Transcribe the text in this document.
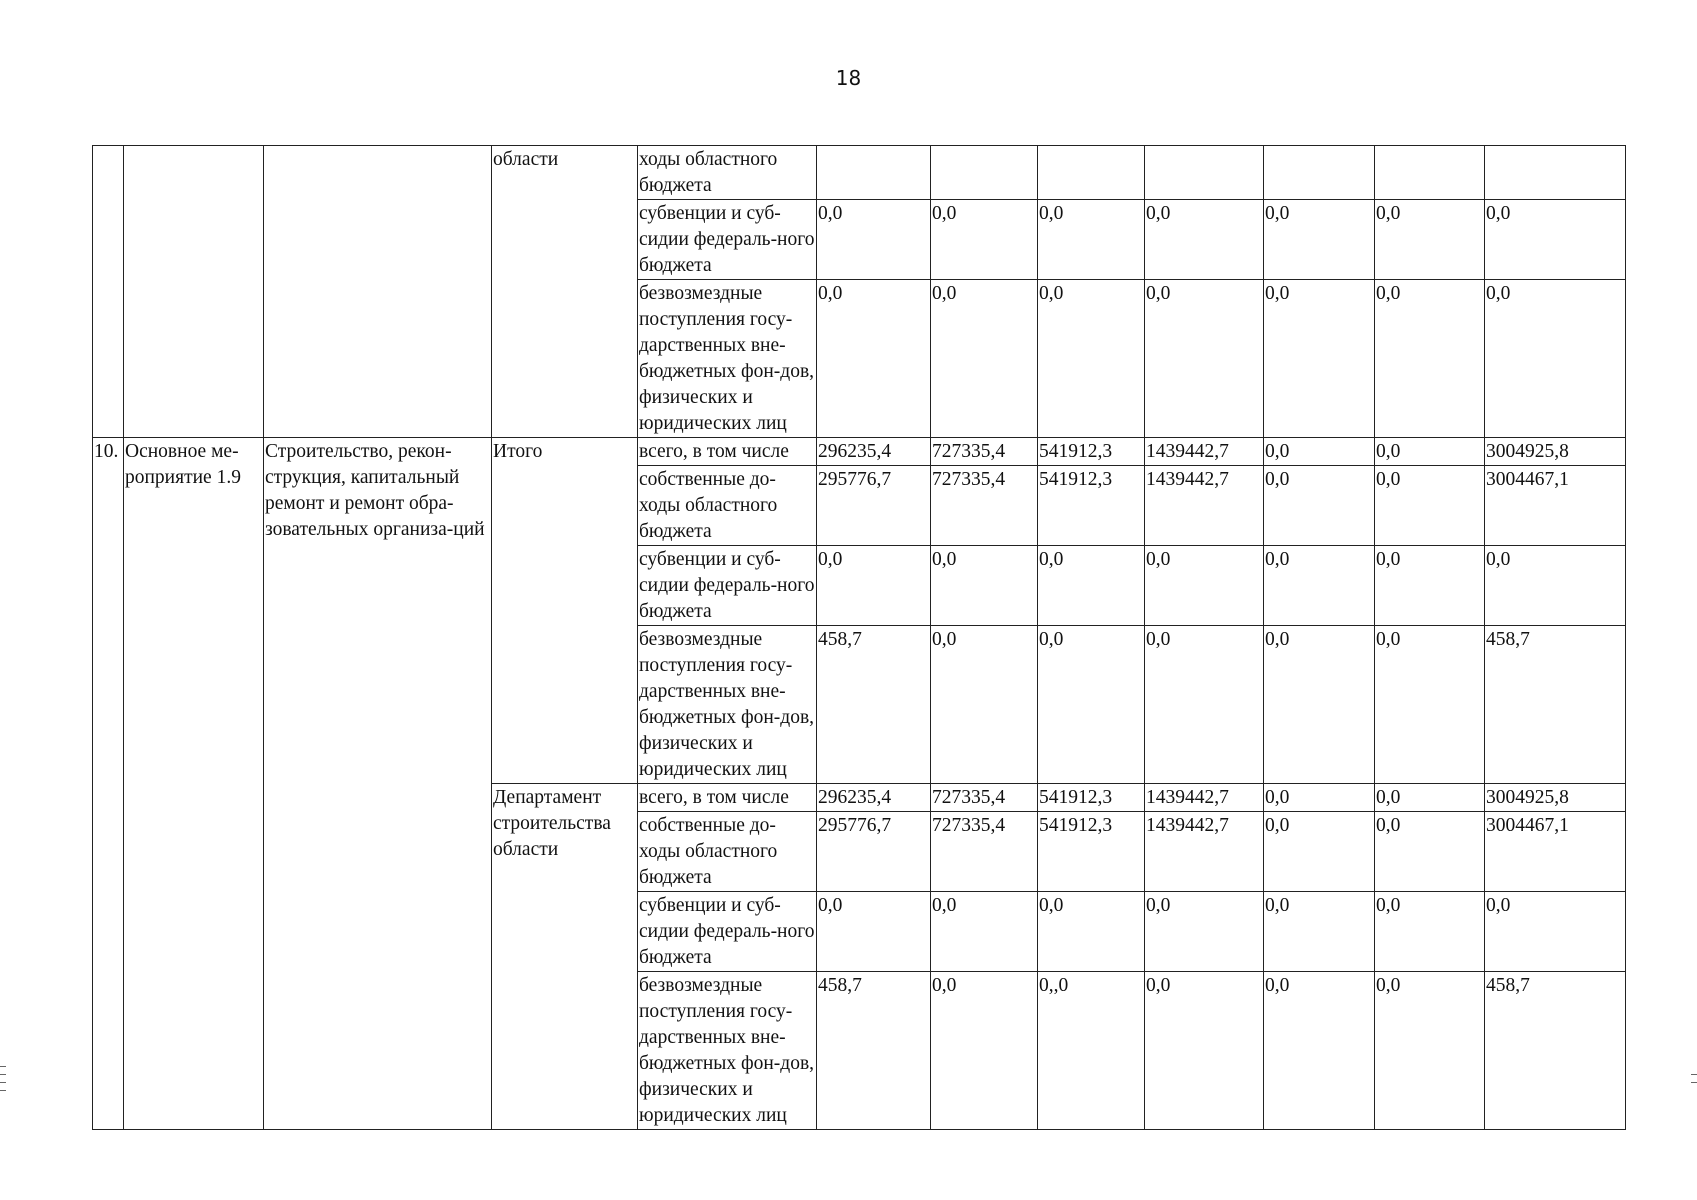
18
			области	ходы областного бюджета							
				субвенции и суб-сидии федераль-ного бюджета	0,0	0,0	0,0	0,0	0,0	0,0	0,0
				безвозмездные поступления госу-дарственных вне-бюджетных фон-дов, физических и юридических лиц	0,0	0,0	0,0	0,0	0,0	0,0	0,0
10.	Основное ме-роприятие 1.9	Строительство, рекон-струкция, капитальный ремонт и ремонт обра-зовательных организа-ций	Итого	всего, в том числе	296235,4	727335,4	541912,3	1439442,7	0,0	0,0	3004925,8
				собственные до-ходы областного бюджета	295776,7	727335,4	541912,3	1439442,7	0,0	0,0	3004467,1
				субвенции и суб-сидии федераль-ного бюджета	0,0	0,0	0,0	0,0	0,0	0,0	0,0
				безвозмездные поступления госу-дарственных вне-бюджетных фон-дов, физических и юридических лиц	458,7	0,0	0,0	0,0	0,0	0,0	458,7
			Департамент строительства области	всего, в том числе	296235,4	727335,4	541912,3	1439442,7	0,0	0,0	3004925,8
				собственные до-ходы областного бюджета	295776,7	727335,4	541912,3	1439442,7	0,0	0,0	3004467,1
				субвенции и суб-сидии федераль-ного бюджета	0,0	0,0	0,0	0,0	0,0	0,0	0,0
				безвозмездные поступления госу-дарственных вне-бюджетных фон-дов, физических и юридических лиц	458,7	0,0	0,,0	0,0	0,0	0,0	458,7
